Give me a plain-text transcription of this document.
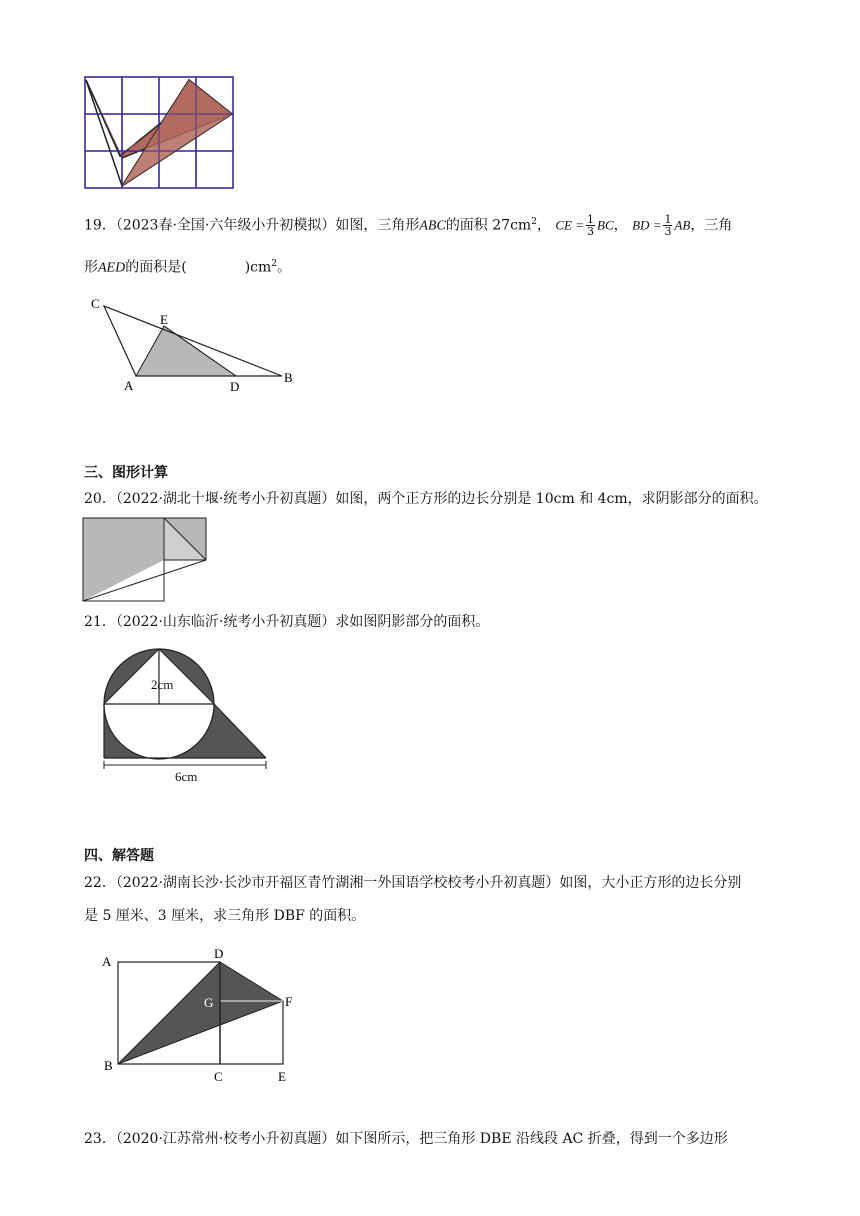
19．（2023春·全国·六年级小升初模拟）如图，三角形ABC的面积 $27cm^2$， CE = $\frac{1}{3}$ BC， BD = $\frac{1}{3}$ AB，三角
形AED的面积是(	)$cm^2$。
C
E
A	D
B
三、图形计算
20．（2022·湖北十堰·统考小升初真题）如图，两个正方形的边长分别是 10cm 和 4cm，求阴影部分的面积。
21．（2022·山东临沂·统考小升初真题）求如图阴影部分的面积。
2cm
6cm
四、解答题
22．（2022·湖南长沙·长沙市开福区青竹湖湘一外国语学校校考小升初真题）如图，大小正方形的边长分别
是 5 厘米、3 厘米，求三角形 DBF 的面积。
A
D
G	F
B
C	E
23．（2020·江苏常州·校考小升初真题）如下图所示，把三角形 DBE 沿线段 AC 折叠，得到一个多边形
